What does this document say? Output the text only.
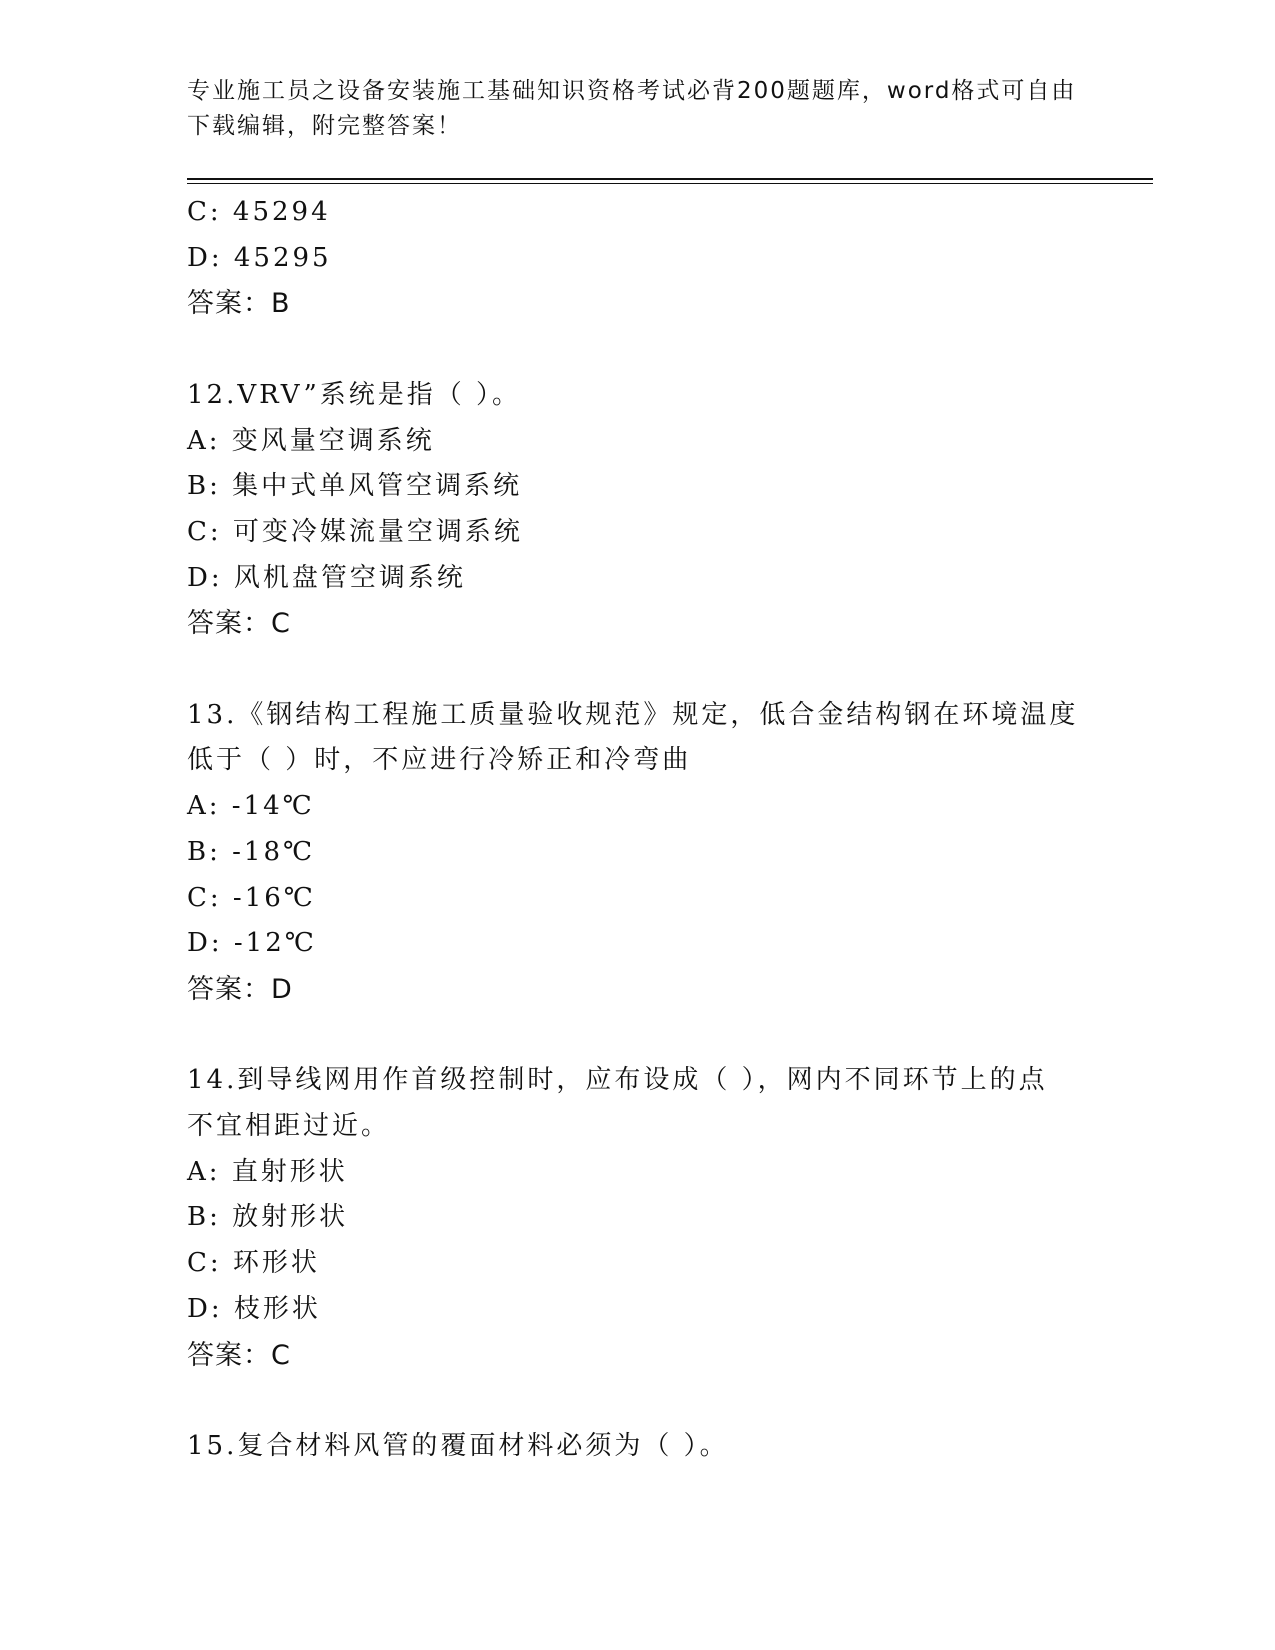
专业施工员之设备安装施工基础知识资格考试必背200题题库，word格式可自由
下载编辑，附完整答案！
C: 45294
D: 45295
答案：B
12.VRV”系统是指（ ）。
A: 变风量空调系统
B: 集中式单风管空调系统
C: 可变冷媒流量空调系统
D: 风机盘管空调系统
答案：C
13.《钢结构工程施工质量验收规范》规定，低合金结构钢在环境温度
低于（ ）时，不应进行冷矫正和冷弯曲
A: -14℃
B: -18℃
C: -16℃
D: -12℃
答案：D
14.到导线网用作首级控制时，应布设成（ ），网内不同环节上的点
不宜相距过近。
A: 直射形状
B: 放射形状
C: 环形状
D: 枝形状
答案：C
15.复合材料风管的覆面材料必须为（ ）。
